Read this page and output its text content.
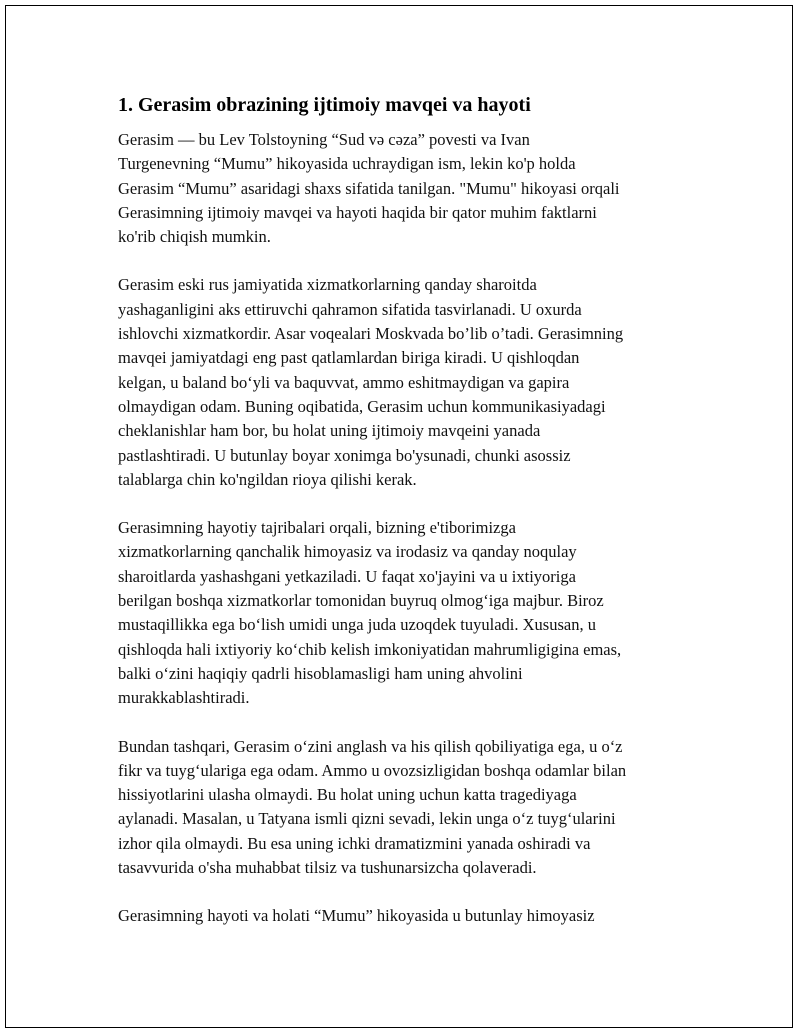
1. Gerasim obrazining ijtimoiy mavqei va hayoti
Gerasim — bu Lev Tolstoyning “Sud və cəza” povesti va Ivan
Turgenevning “Mumu” hikoyasida uchraydigan ism, lekin ko'p holda
Gerasim “Mumu” asaridagi shaxs sifatida tanilgan. "Mumu" hikoyasi orqali
Gerasimning ijtimoiy mavqei va hayoti haqida bir qator muhim faktlarni
ko'rib chiqish mumkin.
Gerasim eski rus jamiyatida xizmatkorlarning qanday sharoitda
yashaganligini aks ettiruvchi qahramon sifatida tasvirlanadi. U oxurda
ishlovchi xizmatkordir. Asar voqealari Moskvada bo’lib o’tadi. Gerasimning
mavqei jamiyatdagi eng past qatlamlardan biriga kiradi. U qishloqdan
kelgan, u baland bo‘yli va baquvvat, ammo eshitmaydigan va gapira
olmaydigan odam. Buning oqibatida, Gerasim uchun kommunikasiyadagi
cheklanishlar ham bor, bu holat uning ijtimoiy mavqeini yanada
pastlashtiradi. U butunlay boyar xonimga bo'ysunadi, chunki asossiz
talablarga chin ko'ngildan rioya qilishi kerak.
Gerasimning hayotiy tajribalari orqali, bizning e'tiborimizga
xizmatkorlarning qanchalik himoyasiz va irodasiz va qanday noqulay
sharoitlarda yashashgani yetkaziladi. U faqat xo'jayini va u ixtiyoriga
berilgan boshqa xizmatkorlar tomonidan buyruq olmog‘iga majbur. Biroz
mustaqillikka ega bo‘lish umidi unga juda uzoqdek tuyuladi. Xususan, u
qishloqda hali ixtiyoriy ko‘chib kelish imkoniyatidan mahrumligigina emas,
balki o‘zini haqiqiy qadrli hisoblamasligi ham uning ahvolini
murakkablashtiradi.
Bundan tashqari, Gerasim o‘zini anglash va his qilish qobiliyatiga ega, u o‘z
fikr va tuyg‘ulariga ega odam. Ammo u ovozsizligidan boshqa odamlar bilan
hissiyotlarini ulasha olmaydi. Bu holat uning uchun katta tragediyaga
aylanadi. Masalan, u Tatyana ismli qizni sevadi, lekin unga o‘z tuyg‘ularini
izhor qila olmaydi. Bu esa uning ichki dramatizmini yanada oshiradi va
tasavvurida o'sha muhabbat tilsiz va tushunarsizcha qolaveradi.
Gerasimning hayoti va holati “Mumu” hikoyasida u butunlay himoyasiz
